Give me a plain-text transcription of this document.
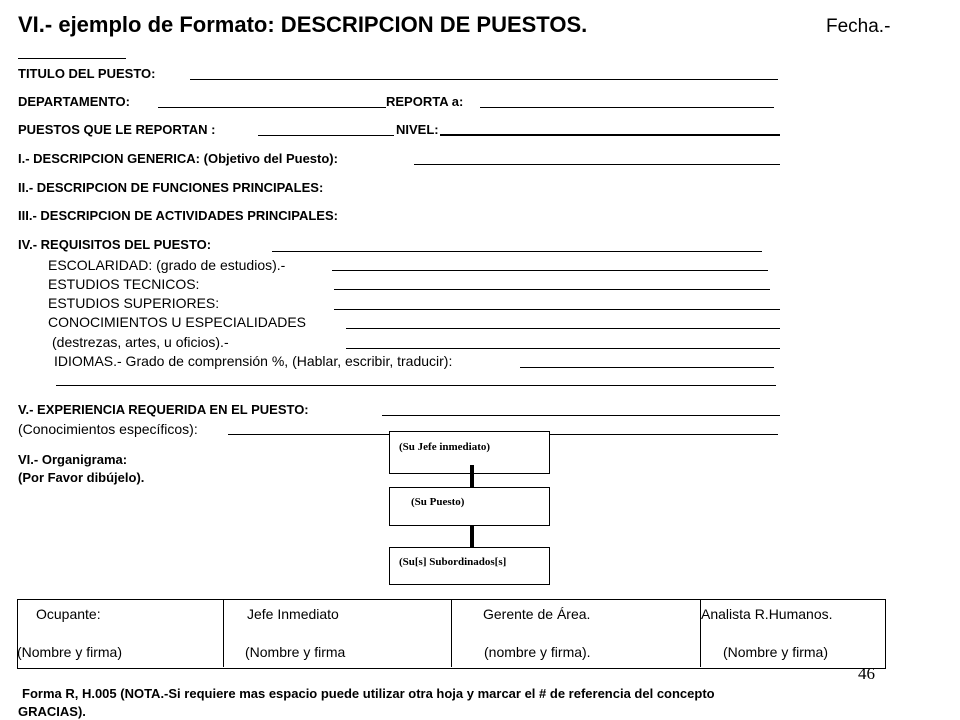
VI.- ejemplo de Formato: DESCRIPCION DE PUESTOS.	Fecha.-
TITULO DEL PUESTO:
DEPARTAMENTO:	REPORTA a:
PUESTOS QUE LE REPORTAN :	NIVEL:
I.- DESCRIPCION GENERICA: (Objetivo del Puesto):
II.- DESCRIPCION DE FUNCIONES PRINCIPALES:
III.- DESCRIPCION DE ACTIVIDADES PRINCIPALES:
IV.- REQUISITOS DEL PUESTO:
ESCOLARIDAD: (grado de estudios).-
ESTUDIOS TECNICOS:
ESTUDIOS SUPERIORES:
CONOCIMIENTOS U ESPECIALIDADES
(destrezas, artes, u oficios).-
IDIOMAS.- Grado de comprensión %, (Hablar, escribir, traducir):
V.- EXPERIENCIA REQUERIDA EN EL PUESTO:
(Conocimientos específicos):
VI.- Organigrama:
(Por Favor dibújelo).
(Su Jefe inmediato)
(Su Puesto)
(Su[s] Subordinados[s]
Ocupante:	Jefe Inmediato	Gerente de Área.	Analista R.Humanos.
(Nombre y firma)	(Nombre y firma	(nombre y firma).	(Nombre y firma)
46
Forma R, H.005 (NOTA.-Si requiere mas espacio puede utilizar otra hoja y marcar el # de referencia del concepto
GRACIAS).
